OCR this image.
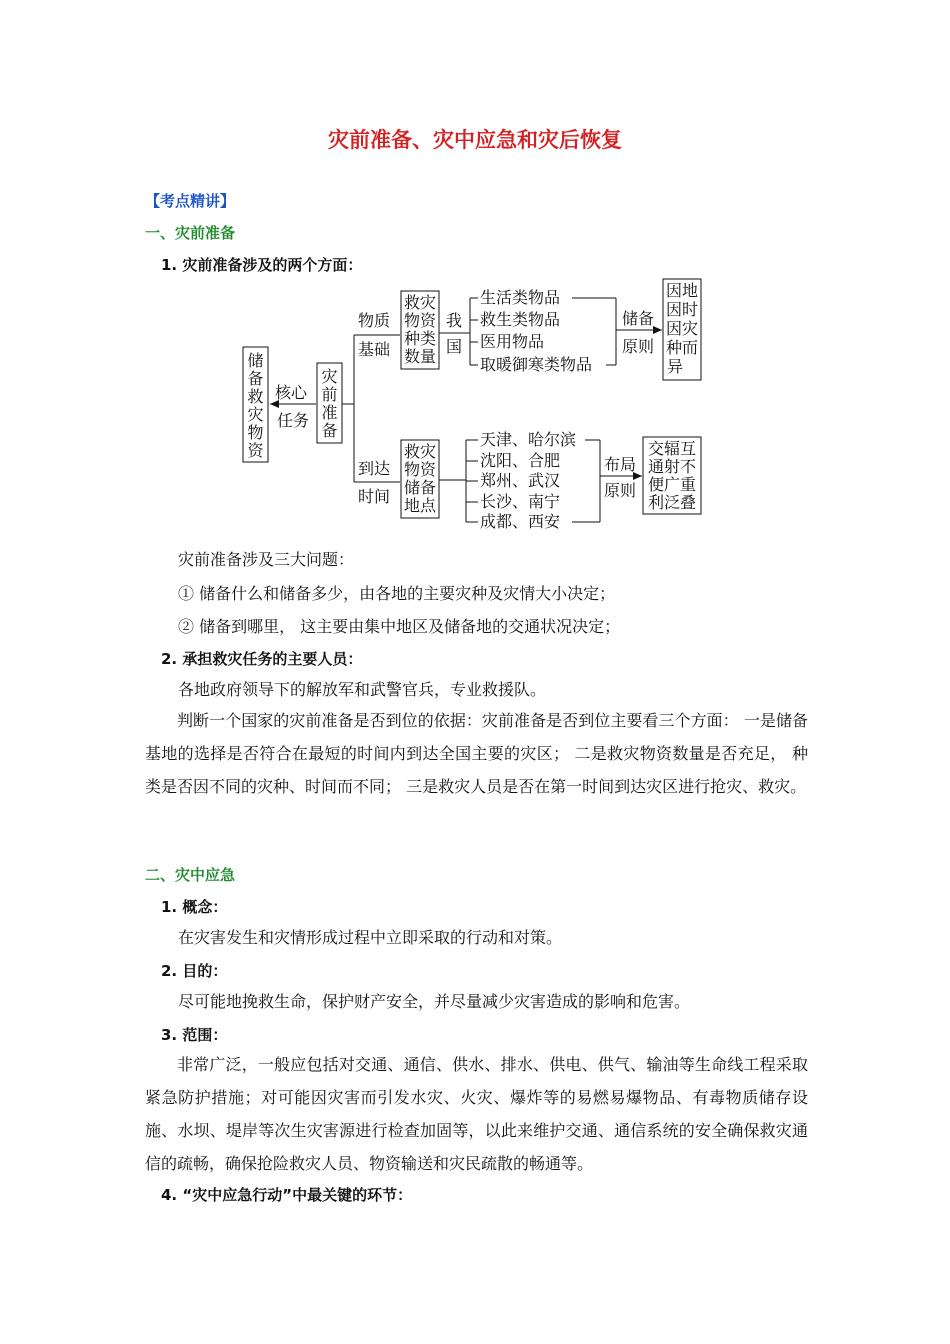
灾前准备、灾中应急和灾后恢复
【考点精讲】
一、灾前准备
1. 灾前准备涉及的两个方面：
储
备
救
灾
物
资
核心
任务
灾
前
准
备
物质
基础
到达
时间
救灾
物资
种类
数量
救灾
物资
储备
地点
我
国
生活类物品
救生类物品
医用物品
取暖御寒类物品
天津、哈尔滨
沈阳、合肥
郑州、武汉
长沙、南宁
成都、西安
储备
原则
布局
原则
因地
因时
因灾
种而
异
交辐互
通射不
便广重
利泛叠
灾前准备涉及三大问题：
① 储备什么和储备多少，由各地的主要灾种及灾情大小决定；
② 储备到哪里， 这主要由集中地区及储备地的交通状况决定；
2. 承担救灾任务的主要人员：
各地政府领导下的解放军和武警官兵，专业救援队。
判断一个国家的灾前准备是否到位的依据：灾前准备是否到位主要看三个方面： 一是储备基地的选择是否符合在最短的时间内到达全国主要的灾区； 二是救灾物资数量是否充足， 种类是否因不同的灾种、时间而不同； 三是救灾人员是否在第一时间到达灾区进行抢灾、救灾。
二、灾中应急
1. 概念：
在灾害发生和灾情形成过程中立即采取的行动和对策。
2. 目的：
尽可能地挽救生命，保护财产安全，并尽量减少灾害造成的影响和危害。
3. 范围：
非常广泛，一般应包括对交通、通信、供水、排水、供电、供气、输油等生命线工程采取紧急防护措施；对可能因灾害而引发水灾、火灾、爆炸等的易燃易爆物品、有毒物质储存设施、水坝、堤岸等次生灾害源进行检查加固等，以此来维护交通、通信系统的安全确保救灾通信的疏畅，确保抢险救灾人员、物资输送和灾民疏散的畅通等。
4. “灾中应急行动”中最关键的环节：
